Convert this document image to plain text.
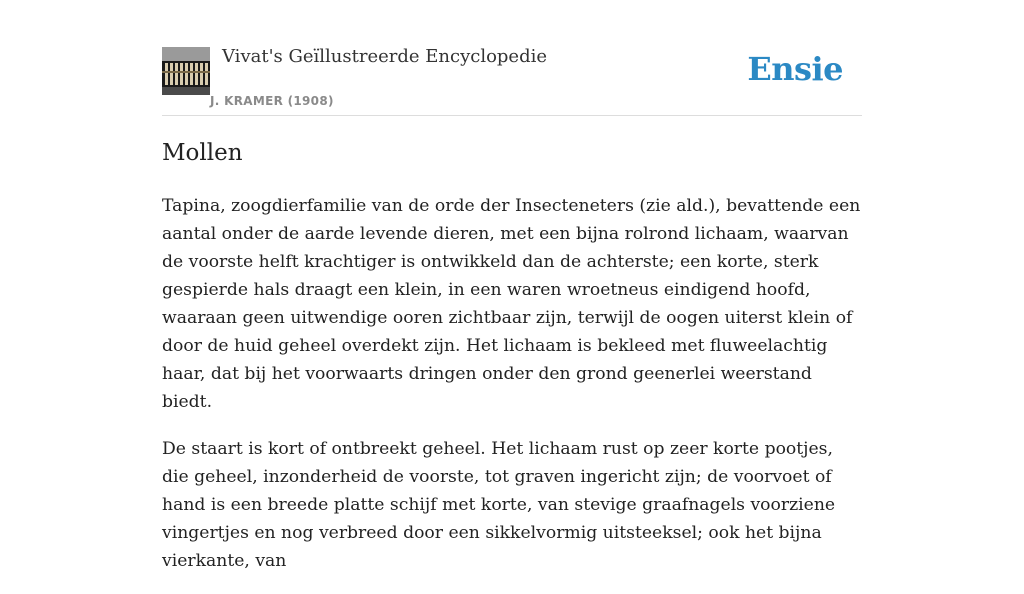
Vivat's Geïllustreerde Encyclopedie
J. KRAMER (1908)
Ensie
Mollen

Tapina, zoogdierfamilie van de orde der Insecteneters (zie ald.), bevattende een aantal onder de aarde levende dieren, met een bijna rolrond lichaam, waarvan de voorste helft krachtiger is ontwikkeld dan de achterste; een korte, sterk gespierde hals draagt een klein, in een waren wroetneus eindigend hoofd, waaraan geen uitwendige ooren zichtbaar zijn, terwijl de oogen uiterst klein of door de huid geheel overdekt zijn. Het lichaam is bekleed met fluweelachtig haar, dat bij het voorwaarts dringen onder den grond geenerlei weerstand biedt.

De staart is kort of ontbreekt geheel. Het lichaam rust op zeer korte pootjes, die geheel, inzonderheid de voorste, tot graven ingericht zijn; de voorvoet of hand is een breede platte schijf met korte, van stevige graafnagels voorziene vingertjes en nog verbreed door een sikkelvormig uitsteeksel; ook het bijna vierkante, van
